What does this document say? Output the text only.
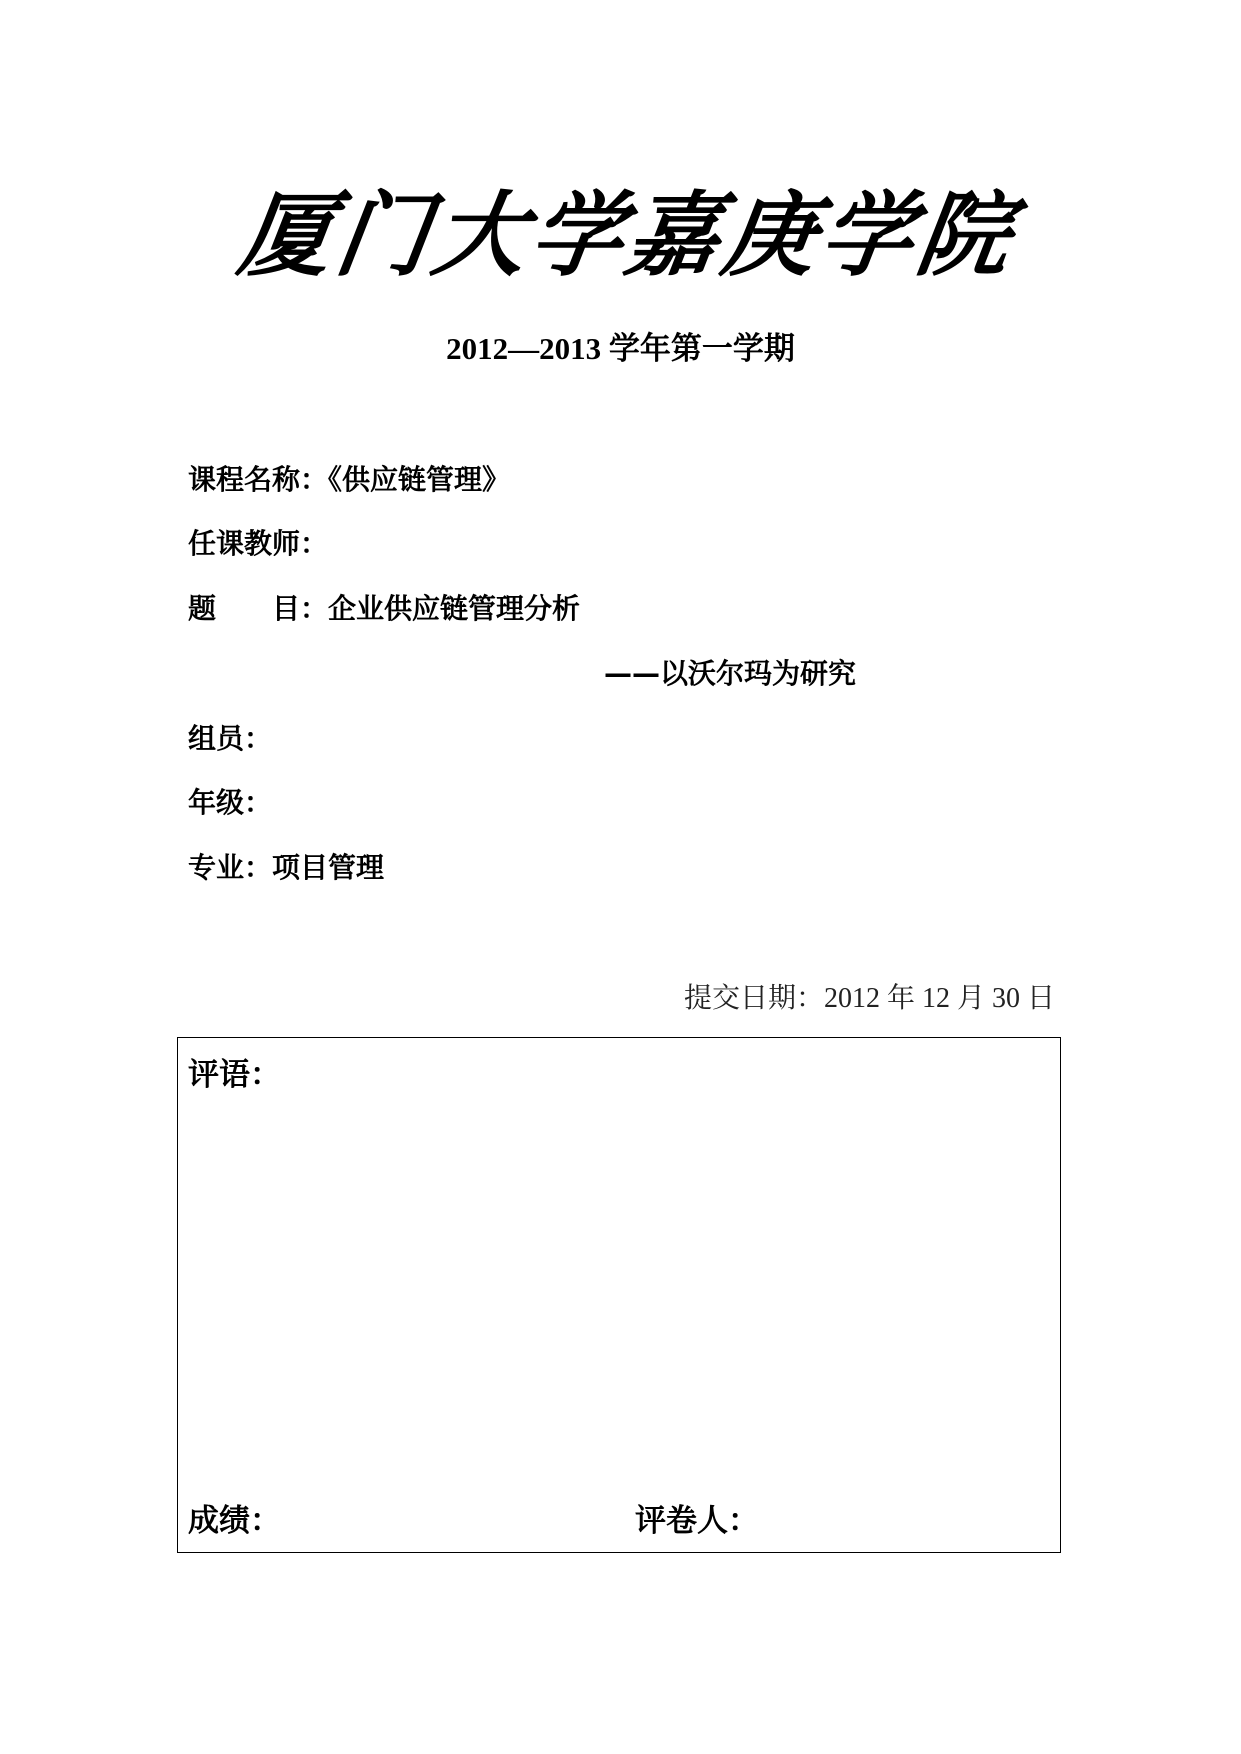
厦
门
大
学
嘉
庚
学
院
2012—2013 学年第一学期
课程名称：《供应链管理》
任课教师：
题 目：企业供应链管理分析
——以沃尔玛为研究
组员：
年级：
专业：项目管理
提交日期：2012 年 12 月 30 日
评语：
成绩：	评卷人：
